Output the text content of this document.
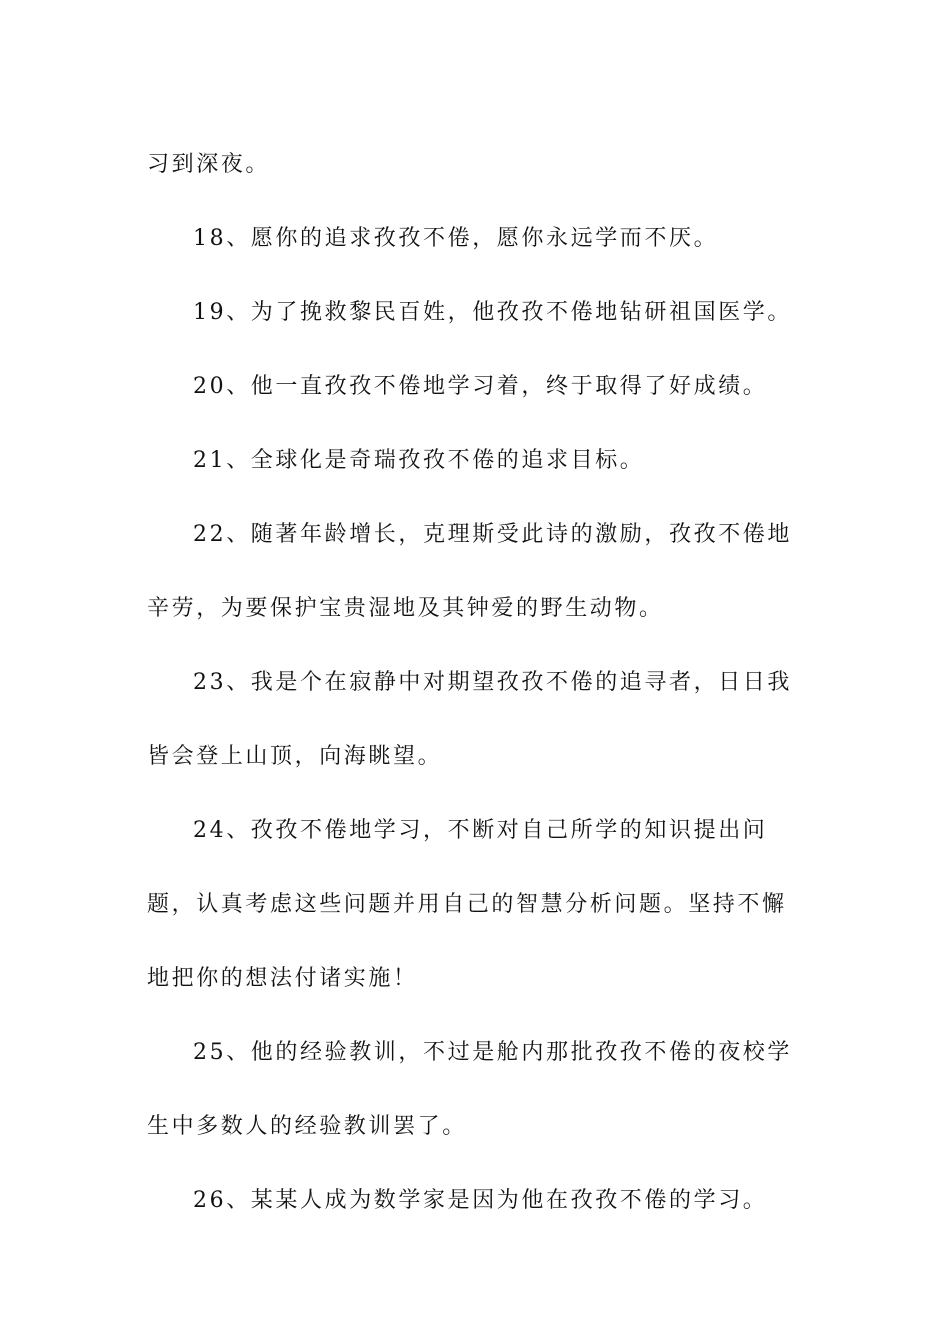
习到深夜。

18、愿你的追求孜孜不倦，愿你永远学而不厌。

19、为了挽救黎民百姓，他孜孜不倦地钻研祖国医学。

20、他一直孜孜不倦地学习着，终于取得了好成绩。

21、全球化是奇瑞孜孜不倦的追求目标。

22、随著年龄增长，克理斯受此诗的激励，孜孜不倦地辛劳，为要保护宝贵湿地及其钟爱的野生动物。

23、我是个在寂静中对期望孜孜不倦的追寻者，日日我皆会登上山顶，向海眺望。

24、孜孜不倦地学习，不断对自己所学的知识提出问题，认真考虑这些问题并用自己的智慧分析问题。坚持不懈地把你的想法付诸实施！

25、他的经验教训，不过是舱内那批孜孜不倦的夜校学生中多数人的经验教训罢了。

26、某某人成为数学家是因为他在孜孜不倦的学习。
